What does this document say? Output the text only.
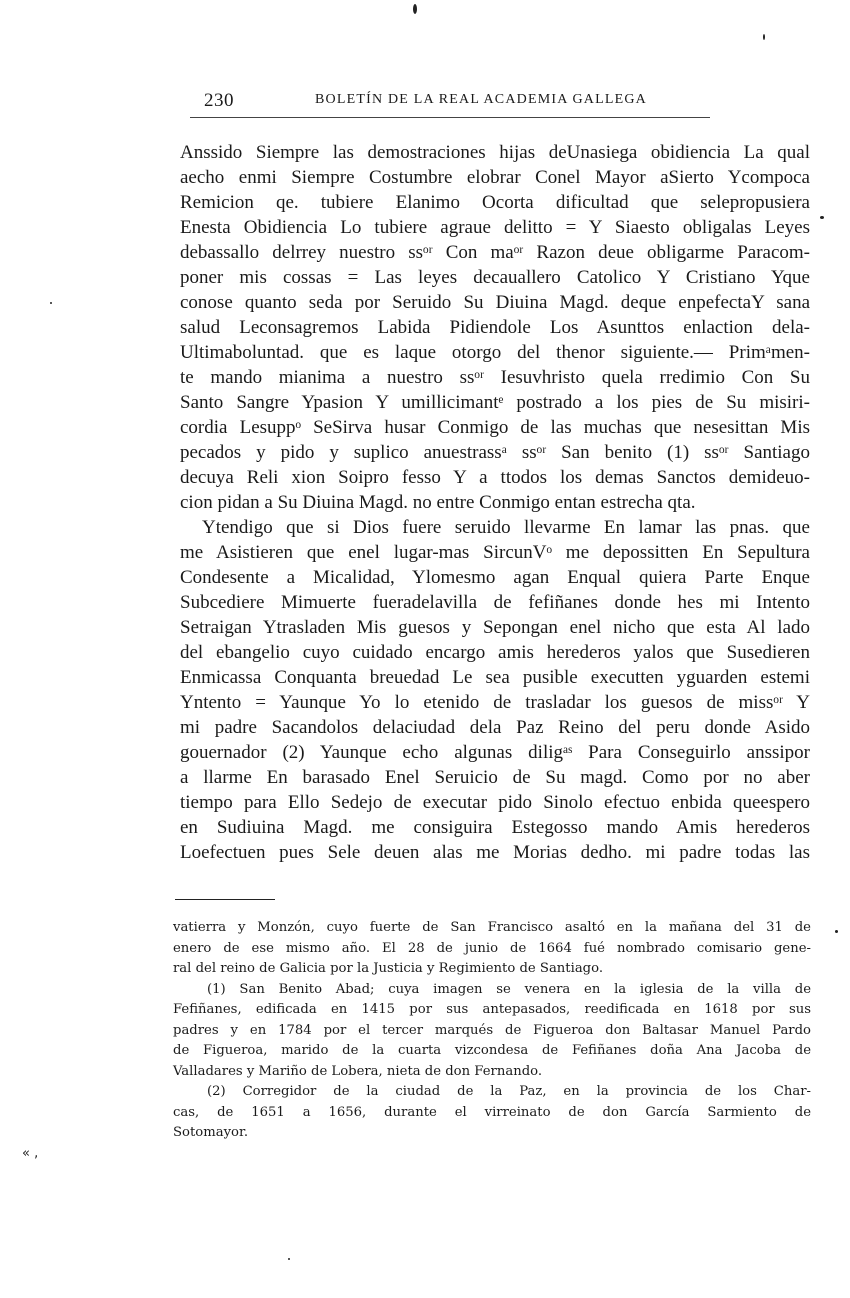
230	BOLETÍN DE LA REAL ACADEMIA GALLEGA
Anssido Siempre las demostraciones hijas deUnasiega obidiencia La qual
aecho enmi Siempre Costumbre elobrar Conel Mayor aSierto Ycompoca
Remicion qe. tubiere Elanimo Ocorta dificultad que selepropusiera
Enesta Obidiencia Lo tubiere agraue delitto = Y Siaesto obligalas Leyes
debassallo delrrey nuestro ssᵒʳ Con maᵒʳ Razon deue obligarme Paracom-
poner mis cossas = Las leyes decauallero Catolico Y Cristiano Yque
conose quanto seda por Seruido Su Diuina Magd. deque enpefectaY sana
salud Leconsagremos Labida Pidiendole Los Asunttos enlaction dela-
Ultimaboluntad. que es laque otorgo del thenor siguiente.— Primᵃmen-
te mando mianima a nuestro ssᵒʳ Iesuvhristo quela rredimio Con Su
Santo Sangre Ypasion Y umillicimantᵉ postrado a los pies de Su misiri-
cordia Lesuppᵒ SeSirva husar Conmigo de las muchas que nesesittan Mis
pecados y pido y suplico anuestrassᵃ ssᵒʳ San benito (1) ssᵒʳ Santiago
decuya Reli xion Soipro fesso Y a ttodos los demas Sanctos demideuo-
cion pidan a Su Diuina Magd. no entre Conmigo entan estrecha qta.
Ytendigo que si Dios fuere seruido llevarme En lamar las pnas. que
me Asistieren que enel lugar-mas SircunVᵒ me depossitten En Sepultura
Condesente a Micalidad, Ylomesmo agan Enqual quiera Parte Enque
Subcediere Mimuerte fueradelavilla de fefiñanes donde hes mi Intento
Setraigan Ytrasladen Mis guesos y Sepongan enel nicho que esta Al lado
del ebangelio cuyo cuidado encargo amis herederos yalos que Susedieren
Enmicassa Conquanta breuedad Le sea pusible executten yguarden estemi
Yntento = Yaunque Yo lo etenido de trasladar los guesos de missᵒʳ Y
mi padre Sacandolos delaciudad dela Paz Reino del peru donde Asido
gouernador (2) Yaunque echo algunas diligᵃˢ Para Conseguirlo anssipor
a llarme En barasado Enel Seruicio de Su magd. Como por no aber
tiempo para Ello Sedejo de executar pido Sinolo efectuo enbida queespero
en Sudiuina Magd. me consiguira Estegosso mando Amis herederos
Loefectuen pues Sele deuen alas me Morias dedho. mi padre todas las
vatierra y Monzón, cuyo fuerte de San Francisco asaltó en la mañana del 31 de
enero de ese mismo año. El 28 de junio de 1664 fué nombrado comisario gene-
ral del reino de Galicia por la Justicia y Regimiento de Santiago.
(1) San Benito Abad; cuya imagen se venera en la iglesia de la villa de
Fefiñanes, edificada en 1415 por sus antepasados, reedificada en 1618 por sus
padres y en 1784 por el tercer marqués de Figueroa don Baltasar Manuel Pardo
de Figueroa, marido de la cuarta vizcondesa de Fefiñanes doña Ana Jacoba de
Valladares y Mariño de Lobera, nieta de don Fernando.
(2) Corregidor de la ciudad de la Paz, en la provincia de los Char-
cas, de 1651 a 1656, durante el virreinato de don García Sarmiento de
Sotomayor.
« ,
